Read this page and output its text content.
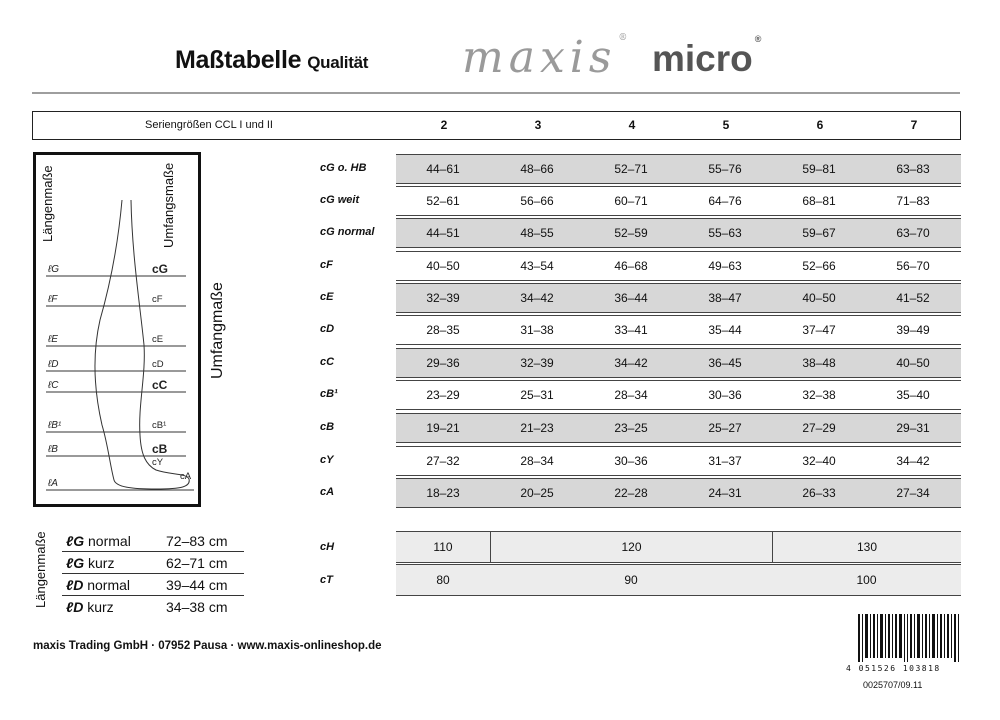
Maßtabelle Qualität maxis ® micro ®
Seriengrößen CCL I und II	2	3	4	5	6	7
Längenmaße	Umfangsmaße
ℓG
ℓF
ℓE
ℓD
ℓC
ℓB¹
ℓB
ℓA
cG
cF
cE
cD
cC
cB¹
cB
cY
cA
Umfangmaße
cG o. HB	44–61	48–66	52–71	55–76	59–81	63–83
cG weit	52–61	56–66	60–71	64–76	68–81	71–83
cG normal	44–51	48–55	52–59	55–63	59–67	63–70
cF	40–50	43–54	46–68	49–63	52–66	56–70
cE	32–39	34–42	36–44	38–47	40–50	41–52
cD	28–35	31–38	33–41	35–44	37–47	39–49
cC	29–36	32–39	34–42	36–45	38–48	40–50
cB¹	23–29	25–31	28–34	30–36	32–38	35–40
cB	19–21	21–23	23–25	25–27	27–29	29–31
cY	27–32	28–34	30–36	31–37	32–40	34–42
cA	18–23	20–25	22–28	24–31	26–33	27–34
cH	110	120	130
cT	80	90	100
Längenmaße	ℓG normal	72–83 cm
ℓG kurz	62–71 cm
ℓD normal	39–44 cm
ℓD kurz	34–38 cm
maxis Trading GmbH · 07952 Pausa · www.maxis-onlineshop.de
4 051526 103818
0025707/09.11
